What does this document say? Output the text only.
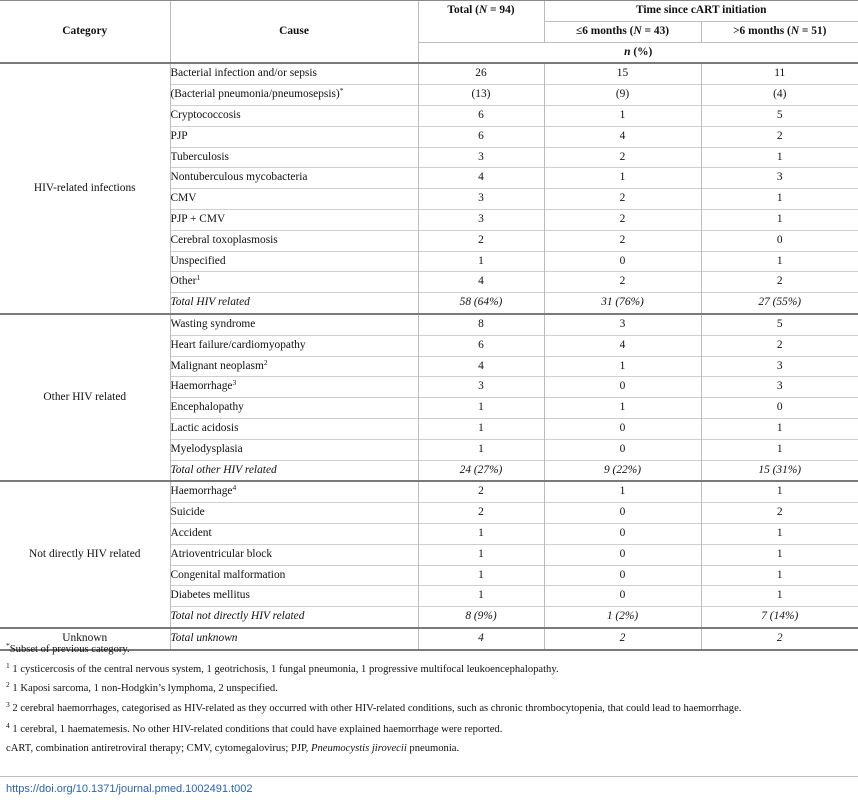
Category	Cause	Total (N = 94)	Time since cART initiation	
			≤6 months (N = 43)	>6 months (N = 51)
		n (%)		
HIV-related infections	Bacterial infection and/or sepsis	26	15	11
	(Bacterial pneumonia/pneumosepsis)*	(13)	(9)	(4)
	Cryptococcosis	6	1	5
	PJP	6	4	2
	Tuberculosis	3	2	1
	Nontuberculous mycobacteria	4	1	3
	CMV	3	2	1
	PJP + CMV	3	2	1
	Cerebral toxoplasmosis	2	2	0
	Unspecified	1	0	1
	Other$^1$	4	2	2
	Total HIV related	58 (64%)	31 (76%)	27 (55%)
Other HIV related	Wasting syndrome	8	3	5
	Heart failure/cardiomyopathy	6	4	2
	Malignant neoplasm$^2$	4	1	3
	Haemorrhage$^3$	3	0	3
	Encephalopathy	1	1	0
	Lactic acidosis	1	0	1
	Myelodysplasia	1	0	1
	Total other HIV related	24 (27%)	9 (22%)	15 (31%)
Not directly HIV related	Haemorrhage$^4$	2	1	1
	Suicide	2	0	2
	Accident	1	0	1
	Atrioventricular block	1	0	1
	Congenital malformation	1	0	1
	Diabetes mellitus	1	0	1
	Total not directly HIV related	8 (9%)	1 (2%)	7 (14%)
Unknown	Total unknown	4	2	2

*Subset of previous category.

$^1$ 1 cysticercosis of the central nervous system, 1 geotrichosis, 1 fungal pneumonia, 1 progressive multifocal leukoencephalopathy.

$^2$ 1 Kaposi sarcoma, 1 non-Hodgkin’s lymphoma, 2 unspecified.

$^3$ 2 cerebral haemorrhages, categorised as HIV-related as they occurred with other HIV-related conditions, such as chronic thrombocytopenia, that could lead to haemorrhage.

$^4$ 1 cerebral, 1 haematemesis. No other HIV-related conditions that could have explained haemorrhage were reported.

cART, combination antiretroviral therapy; CMV, cytomegalovirus; PJP, Pneumocystis jirovecii pneumonia.

https://doi.org/10.1371/journal.pmed.1002491.t002
